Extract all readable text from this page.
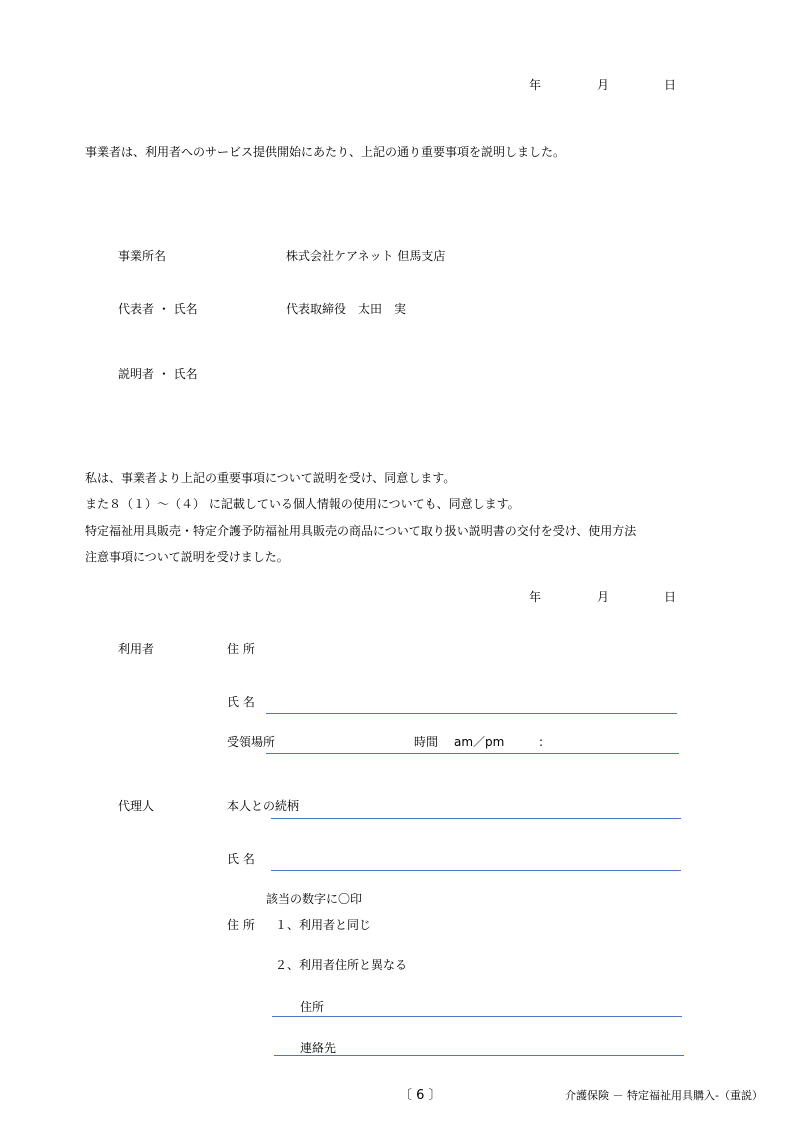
年	月	日
事業者は、利用者へのサービス提供開始にあたり、上記の通り重要事項を説明しました。
事業所名	株式会社ケアネット 但馬支店
代表者 ・ 氏名	代表取締役　太田　実
説明者 ・ 氏名
私は、事業者より上記の重要事項について説明を受け、同意します。
また８（１）～（４） に記載している個人情報の使用についても、同意します。
特定福祉用具販売・特定介護予防福祉用具販売の商品について取り扱い説明書の交付を受け、使用方法
注意事項について説明を受けました。
年	月	日
利用者	住 所
氏 名
受領場所	時間 am／pm	:
代理人	本人との続柄
氏 名
該当の数字に〇印
住 所 １、利用者と同じ
２、利用者住所と異なる
住所
連絡先
〔 6 〕	介護保険 － 特定福祉用具購入-（重説）
